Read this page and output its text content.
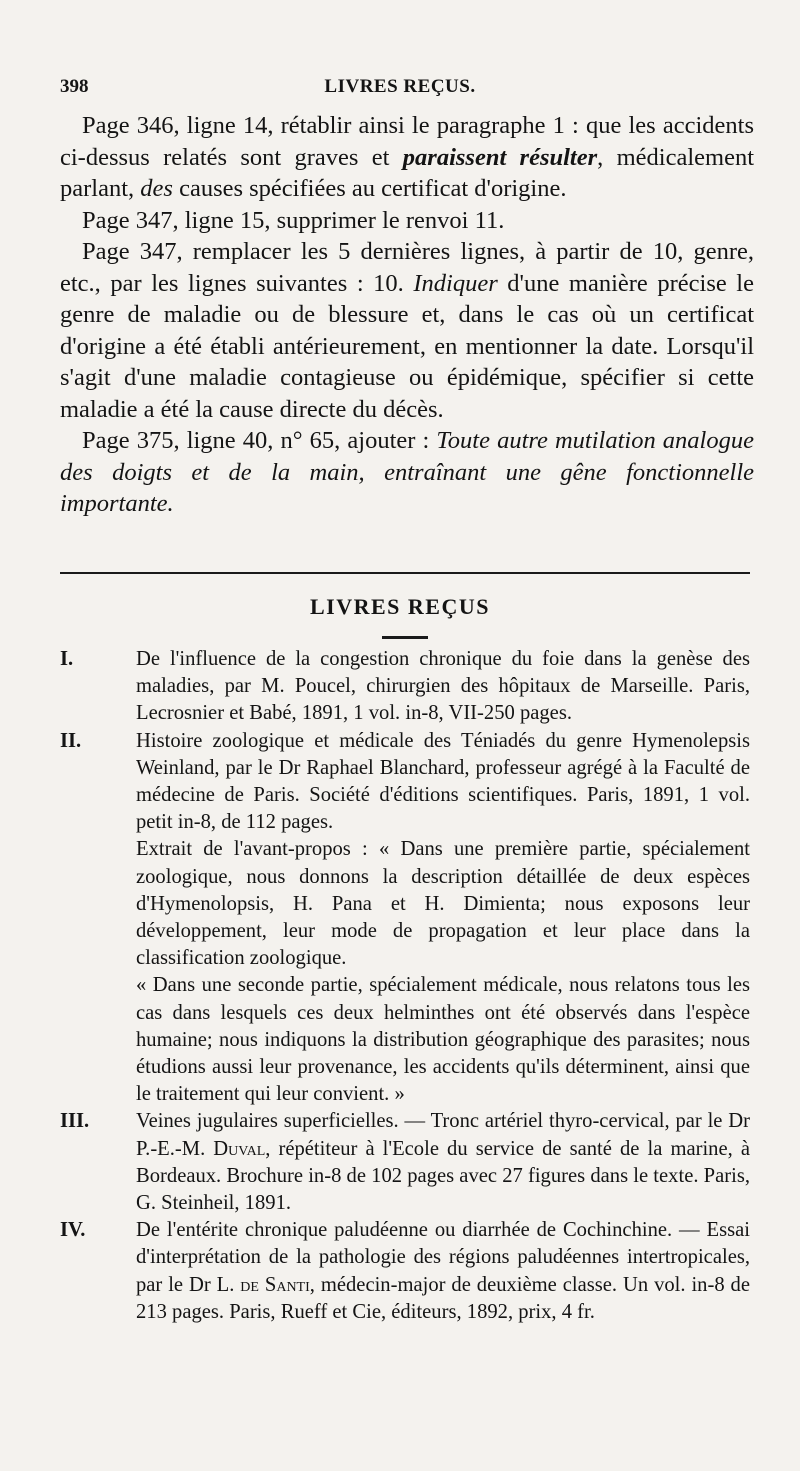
398	LIVRES REÇUS.

Page 346, ligne 14, rétablir ainsi le paragraphe 1 : que les accidents ci-dessus relatés sont graves et paraissent résulter, médicalement parlant, des causes spécifiées au certificat d'origine.

Page 347, ligne 15, supprimer le renvoi 11.

Page 347, remplacer les 5 dernières lignes, à partir de 10, genre, etc., par les lignes suivantes : 10. Indiquer d'une manière précise le genre de maladie ou de blessure et, dans le cas où un certificat d'origine a été établi antérieurement, en mentionner la date. Lorsqu'il s'agit d'une maladie contagieuse ou épidémique, spécifier si cette maladie a été la cause directe du décès.

Page 375, ligne 40, n° 65, ajouter : Toute autre mutilation analogue des doigts et de la main, entraînant une gêne fonctionnelle importante.

LIVRES REÇUS
I.	De l'influence de la congestion chronique du foie dans la genèse des maladies, par M. Poucel, chirurgien des hôpitaux de Marseille. Paris, Lecrosnier et Babé, 1891, 1 vol. in-8, VII-250 pages.

II.	Histoire zoologique et médicale des Téniadés du genre Hymenolepsis Weinland, par le Dr Raphael Blanchard, professeur agrégé à la Faculté de médecine de Paris. Société d'éditions scientifiques. Paris, 1891, 1 vol. petit in-8, de 112 pages.

Extrait de l'avant-propos : « Dans une première partie, spécialement zoologique, nous donnons la description détaillée de deux espèces d'Hymenolopsis, H. Pana et H. Dimienta; nous exposons leur développement, leur mode de propagation et leur place dans la classification zoologique.

« Dans une seconde partie, spécialement médicale, nous relatons tous les cas dans lesquels ces deux helminthes ont été observés dans l'espèce humaine; nous indiquons la distribution géographique des parasites; nous étudions aussi leur provenance, les accidents qu'ils déterminent, ainsi que le traitement qui leur convient. »

III.	Veines jugulaires superficielles. — Tronc artériel thyro-cervical, par le Dr P.-E.-M. Duval, répétiteur à l'Ecole du service de santé de la marine, à Bordeaux. Brochure in-8 de 102 pages avec 27 figures dans le texte. Paris, G. Steinheil, 1891.

IV.	De l'entérite chronique paludéenne ou diarrhée de Cochinchine. — Essai d'interprétation de la pathologie des régions paludéennes intertropicales, par le Dr L. de Santi, médecin-major de deuxième classe. Un vol. in-8 de 213 pages. Paris, Rueff et Cie, éditeurs, 1892, prix, 4 fr.
